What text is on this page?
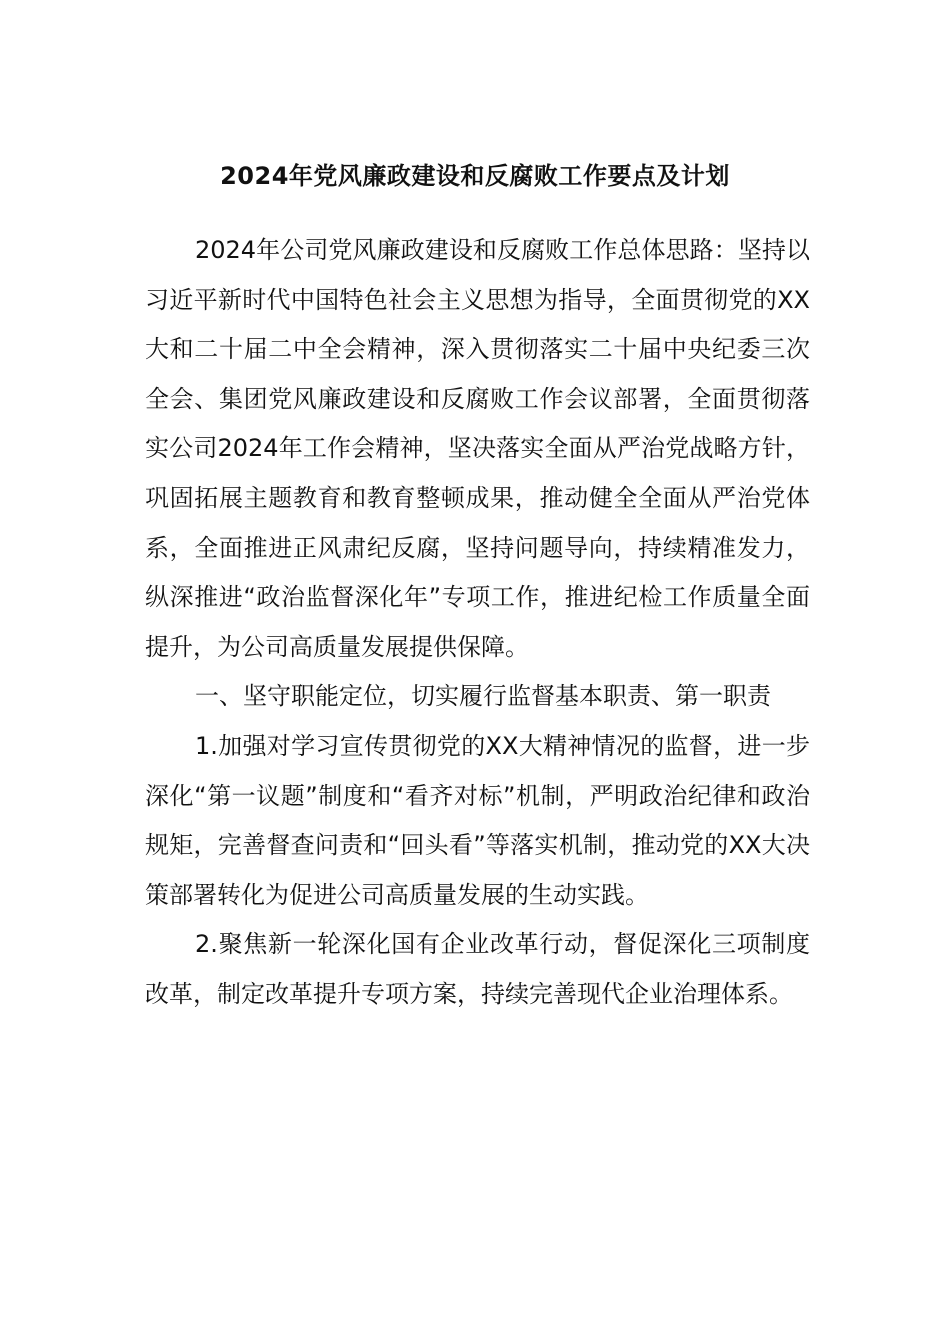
2024年党风廉政建设和反腐败工作要点及计划

2024年公司党风廉政建设和反腐败工作总体思路：坚持以习近平新时代中国特色社会主义思想为指导，全面贯彻党的XX大和二十届二中全会精神，深入贯彻落实二十届中央纪委三次全会、集团党风廉政建设和反腐败工作会议部署，全面贯彻落实公司2024年工作会精神，坚决落实全面从严治党战略方针，巩固拓展主题教育和教育整顿成果，推动健全全面从严治党体系，全面推进正风肃纪反腐，坚持问题导向，持续精准发力，纵深推进“政治监督深化年”专项工作，推进纪检工作质量全面提升，为公司高质量发展提供保障。

一、坚守职能定位，切实履行监督基本职责、第一职责

1.加强对学习宣传贯彻党的XX大精神情况的监督，进一步深化“第一议题”制度和“看齐对标”机制，严明政治纪律和政治规矩，完善督查问责和“回头看”等落实机制，推动党的XX大决策部署转化为促进公司高质量发展的生动实践。

2.聚焦新一轮深化国有企业改革行动，督促深化三项制度改革，制定改革提升专项方案，持续完善现代企业治理体系。
